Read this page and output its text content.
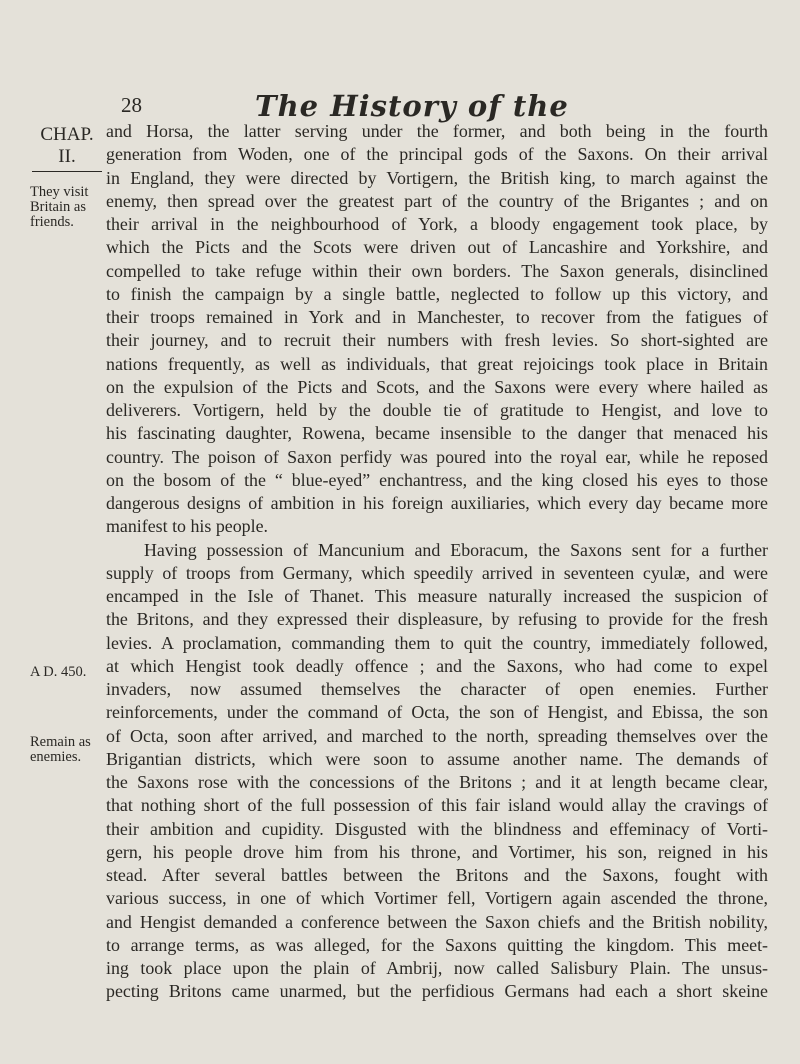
28	The History of the
CHAP.
II.
They visit Britain as friends.
A D. 450.
Remain as enemies.
and Horsa, the latter serving under the former, and both being in the fourth
generation from Woden, one of the principal gods of the Saxons. On their arrival
in England, they were directed by Vortigern, the British king, to march against the
enemy, then spread over the greatest part of the country of the Brigantes ; and on
their arrival in the neighbourhood of York, a bloody engagement took place, by
which the Picts and the Scots were driven out of Lancashire and Yorkshire, and
compelled to take refuge within their own borders. The Saxon generals, disinclined
to finish the campaign by a single battle, neglected to follow up this victory, and
their troops remained in York and in Manchester, to recover from the fatigues of
their journey, and to recruit their numbers with fresh levies. So short-sighted are
nations frequently, as well as individuals, that great rejoicings took place in Britain
on the expulsion of the Picts and Scots, and the Saxons were every where hailed as
deliverers. Vortigern, held by the double tie of gratitude to Hengist, and love to
his fascinating daughter, Rowena, became insensible to the danger that menaced his
country. The poison of Saxon perfidy was poured into the royal ear, while he reposed
on the bosom of the “ blue-eyed” enchantress, and the king closed his eyes to those
dangerous designs of ambition in his foreign auxiliaries, which every day became more
manifest to his people.
Having possession of Mancunium and Eboracum, the Saxons sent for a further
supply of troops from Germany, which speedily arrived in seventeen cyulæ, and were
encamped in the Isle of Thanet. This measure naturally increased the suspicion of
the Britons, and they expressed their displeasure, by refusing to provide for the fresh
levies. A proclamation, commanding them to quit the country, immediately followed,
at which Hengist took deadly offence ; and the Saxons, who had come to expel
invaders, now assumed themselves the character of open enemies. Further
reinforcements, under the command of Octa, the son of Hengist, and Ebissa, the son
of Octa, soon after arrived, and marched to the north, spreading themselves over the
Brigantian districts, which were soon to assume another name. The demands of
the Saxons rose with the concessions of the Britons ; and it at length became clear,
that nothing short of the full possession of this fair island would allay the cravings of
their ambition and cupidity. Disgusted with the blindness and effeminacy of Vorti-
gern, his people drove him from his throne, and Vortimer, his son, reigned in his
stead. After several battles between the Britons and the Saxons, fought with
various success, in one of which Vortimer fell, Vortigern again ascended the throne,
and Hengist demanded a conference between the Saxon chiefs and the British nobility,
to arrange terms, as was alleged, for the Saxons quitting the kingdom. This meet-
ing took place upon the plain of Ambrij, now called Salisbury Plain. The unsus-
pecting Britons came unarmed, but the perfidious Germans had each a short skeine
